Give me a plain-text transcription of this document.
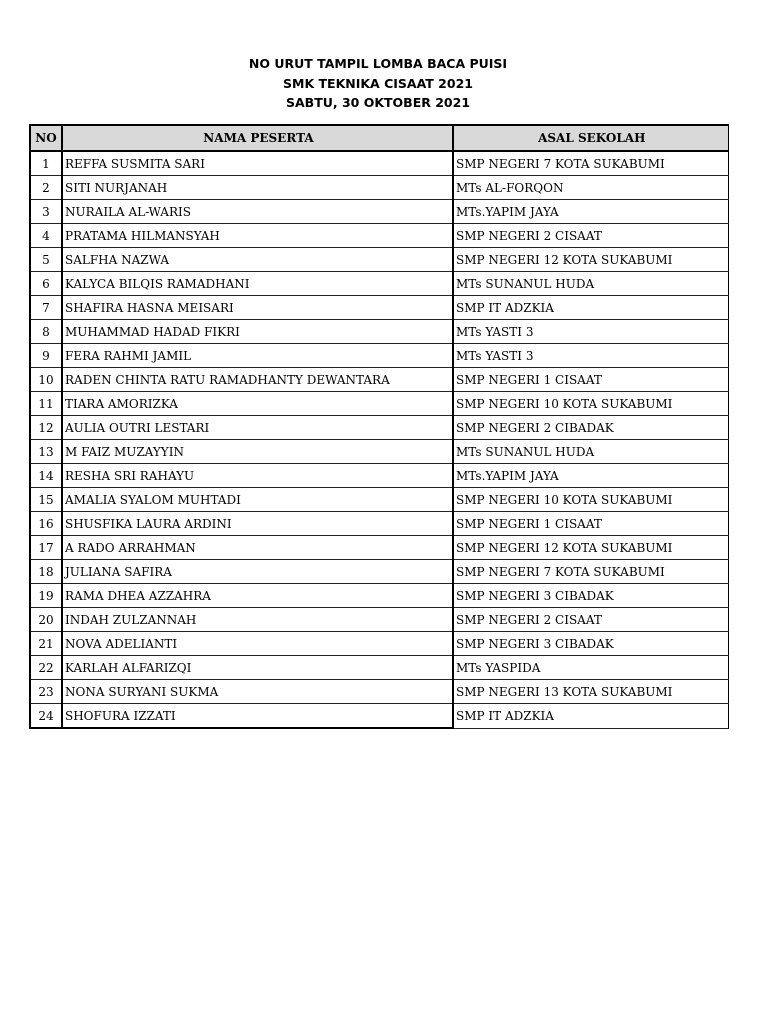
NO URUT TAMPIL LOMBA BACA PUISI
SMK TEKNIKA CISAAT 2021
SABTU, 30 OKTOBER 2021
NO	NAMA PESERTA	ASAL SEKOLAH
1	REFFA SUSMITA SARI	SMP NEGERI 7 KOTA SUKABUMI
2	SITI NURJANAH	MTs AL-FORQON
3	NURAILA AL-WARIS	MTs.YAPIM JAYA
4	PRATAMA HILMANSYAH	SMP NEGERI 2 CISAAT
5	SALFHA NAZWA	SMP NEGERI 12 KOTA SUKABUMI
6	KALYCA BILQIS RAMADHANI	MTs SUNANUL HUDA
7	SHAFIRA HASNA MEISARI	SMP IT ADZKIA
8	MUHAMMAD HADAD FIKRI	MTs YASTI 3
9	FERA RAHMI JAMIL	MTs YASTI 3
10	RADEN CHINTA RATU RAMADHANTY DEWANTARA	SMP NEGERI 1 CISAAT
11	TIARA AMORIZKA	SMP NEGERI 10 KOTA SUKABUMI
12	AULIA OUTRI LESTARI	SMP NEGERI 2 CIBADAK
13	M FAIZ MUZAYYIN	MTs SUNANUL HUDA
14	RESHA SRI RAHAYU	MTs.YAPIM JAYA
15	AMALIA SYALOM MUHTADI	SMP NEGERI 10 KOTA SUKABUMI
16	SHUSFIKA LAURA ARDINI	SMP NEGERI 1 CISAAT
17	A RADO ARRAHMAN	SMP NEGERI 12 KOTA SUKABUMI
18	JULIANA SAFIRA	SMP NEGERI 7 KOTA SUKABUMI
19	RAMA DHEA AZZAHRA	SMP NEGERI 3 CIBADAK
20	INDAH ZULZANNAH	SMP NEGERI 2 CISAAT
21	NOVA ADELIANTI	SMP NEGERI 3 CIBADAK
22	KARLAH ALFARIZQI	MTs YASPIDA
23	NONA SURYANI SUKMA	SMP NEGERI 13 KOTA SUKABUMI
24	SHOFURA IZZATI	SMP IT ADZKIA
